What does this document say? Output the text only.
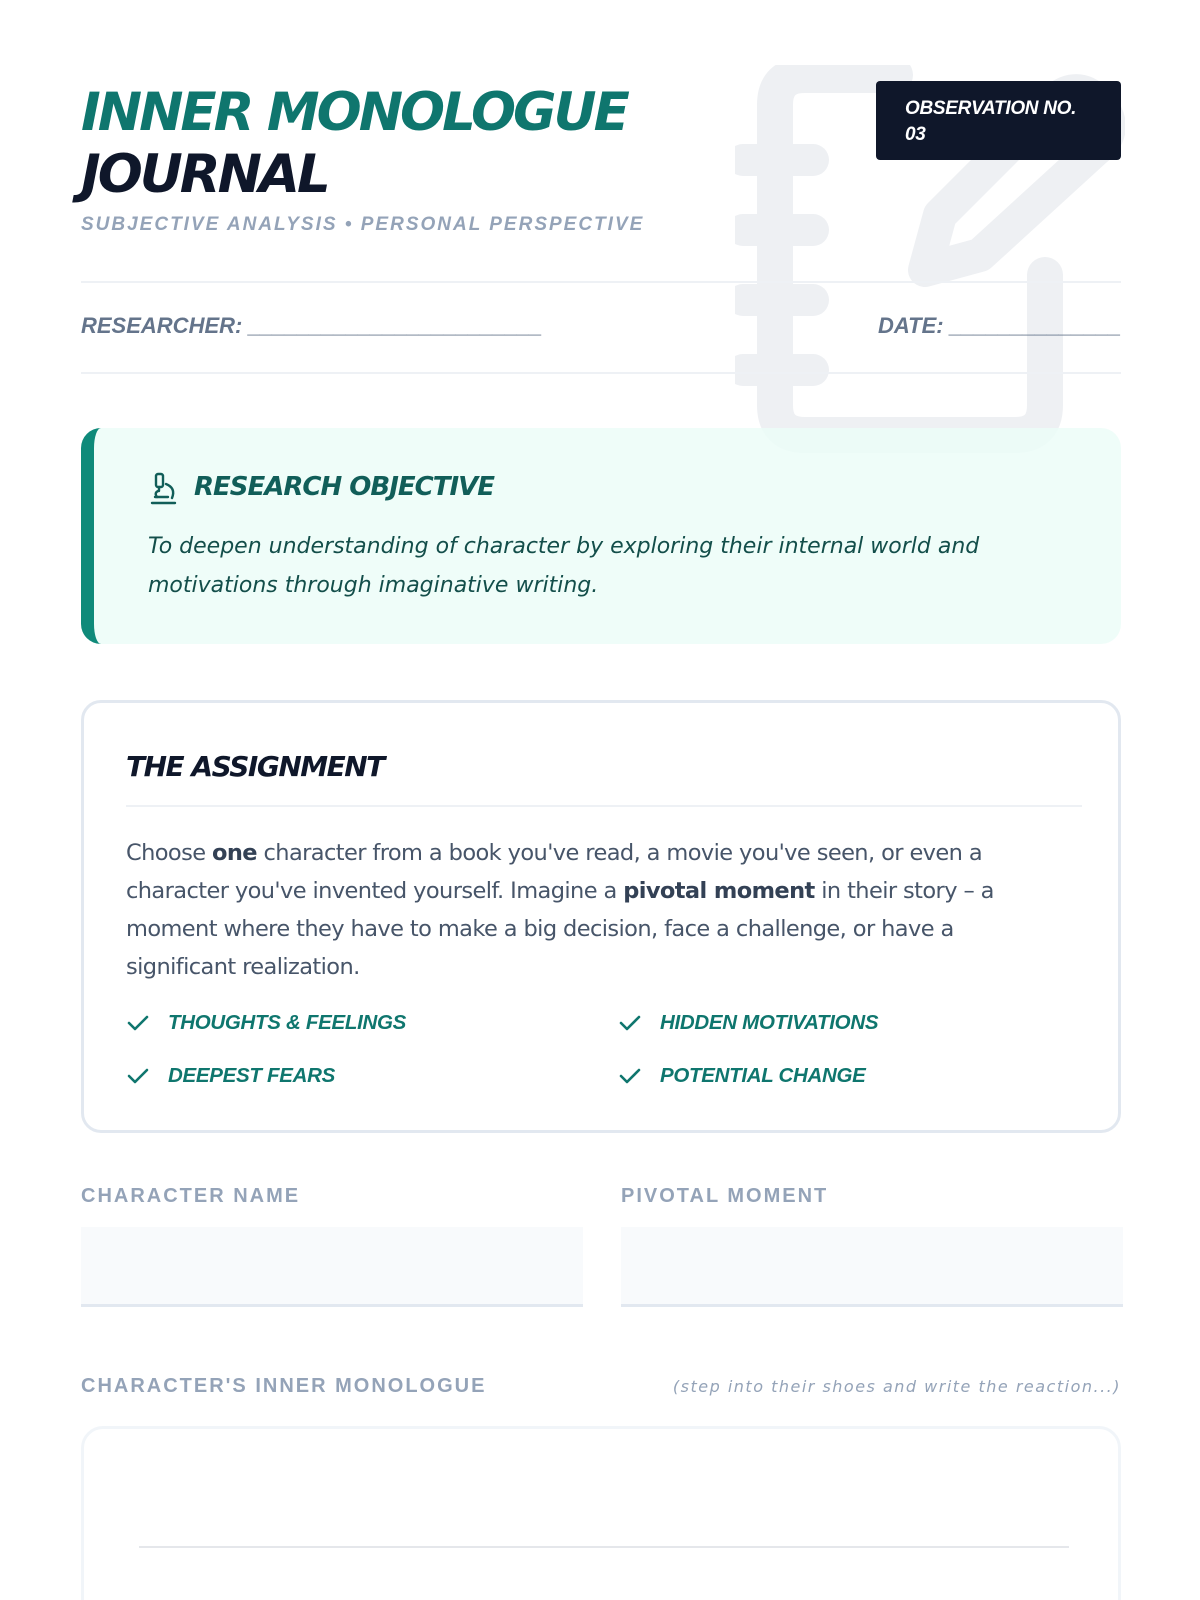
INNER MONOLOGUE
JOURNAL
SUBJECTIVE ANALYSIS • PERSONAL PERSPECTIVE
OBSERVATION NO. 03
RESEARCHER: ________________________	DATE: ______________
RESEARCH OBJECTIVE
To deepen understanding of character by exploring their internal world and motivations through imaginative writing.
THE ASSIGNMENT

Choose one character from a book you've read, a movie you've seen, or even a character you've invented yourself. Imagine a pivotal moment in their story – a moment where they have to make a big decision, face a challenge, or have a significant realization.

THOUGHTS & FEELINGS	HIDDEN MOTIVATIONS
DEEPEST FEARS	POTENTIAL CHANGE
CHARACTER NAME	PIVOTAL MOMENT
CHARACTER'S INNER MONOLOGUE	(step into their shoes and write the reaction...)
